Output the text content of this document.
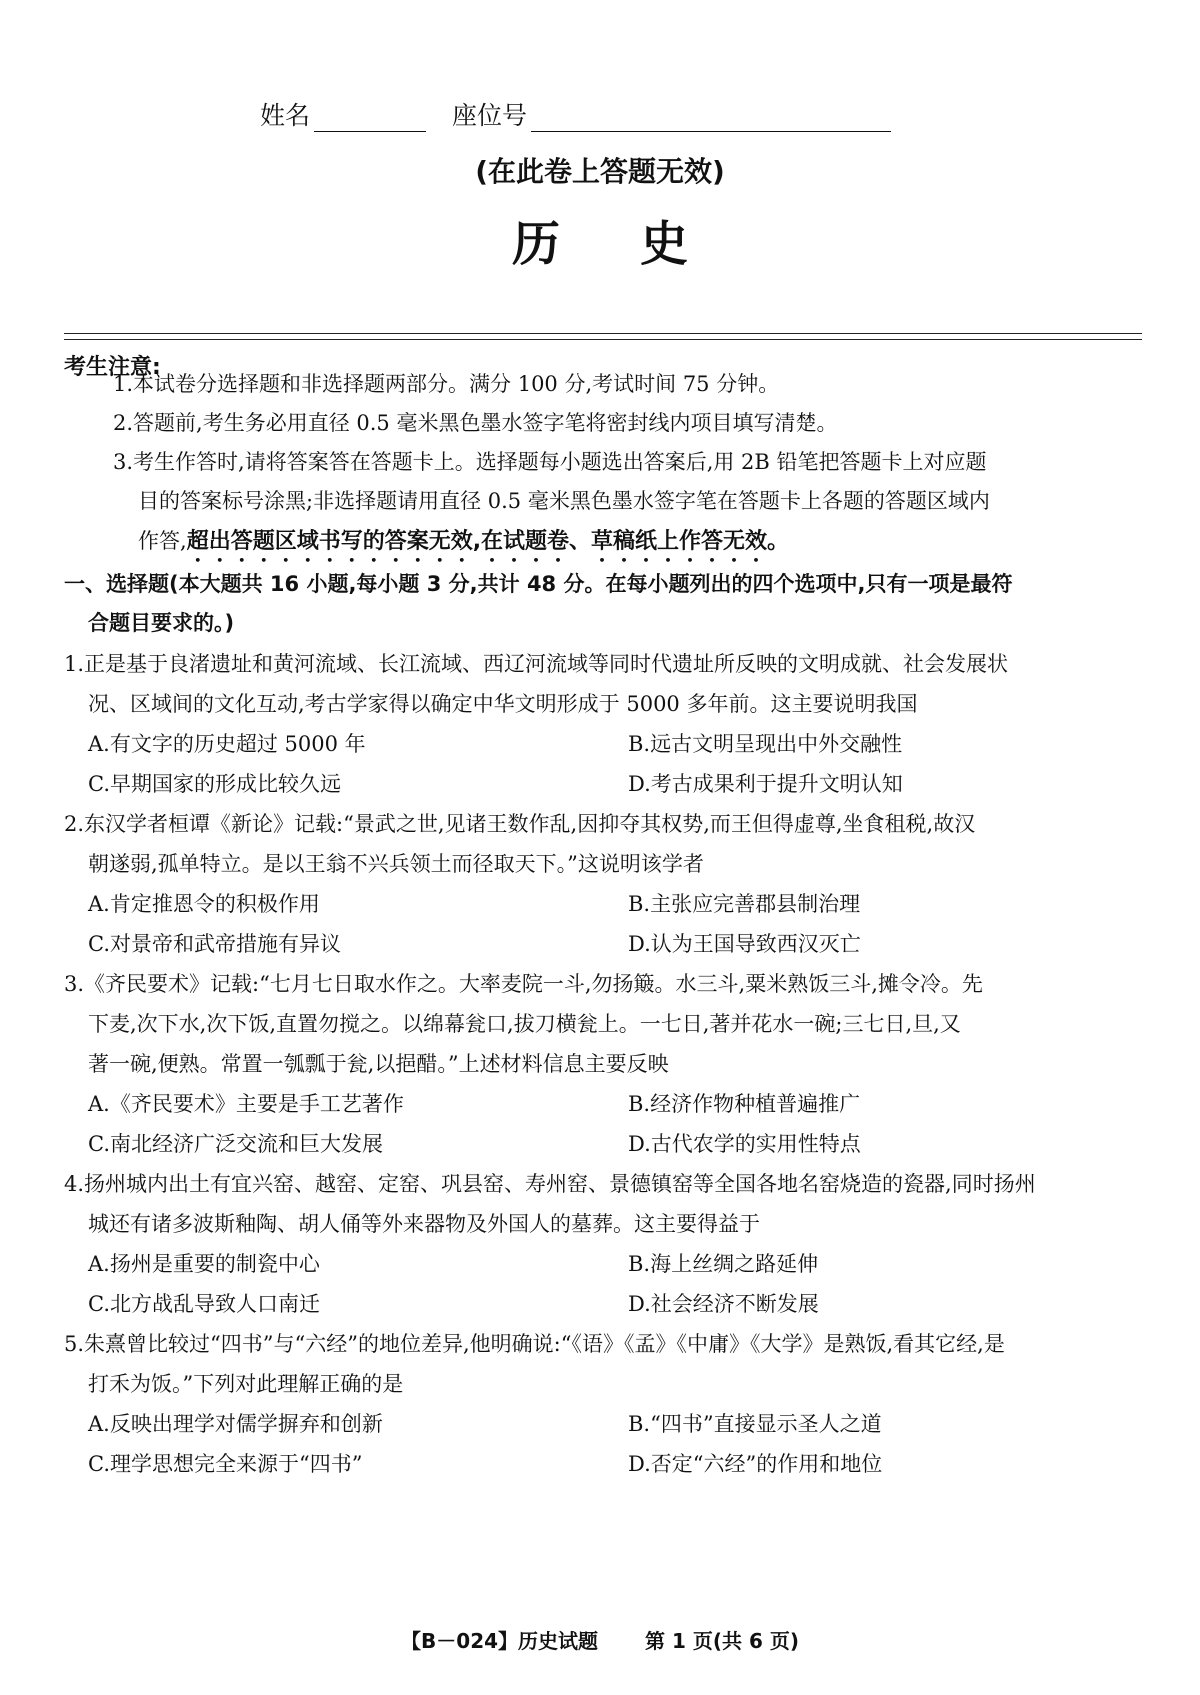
姓名	座位号
(在此卷上答题无效)
历史
考生注意:
1.本试卷分选择题和非选择题两部分。满分 100 分,考试时间 75 分钟。
2.答题前,考生务必用直径 0.5 毫米黑色墨水签字笔将密封线内项目填写清楚。
3.考生作答时,请将答案答在答题卡上。选择题每小题选出答案后,用 2B 铅笔把答题卡上对应题
目的答案标号涂黑;非选择题请用直径 0.5 毫米黑色墨水签字笔在答题卡上各题的答题区域内
作答,超出答题区域书写的答案无效,在试题卷、草稿纸上作答无效。
一、选择题(本大题共 16 小题,每小题 3 分,共计 48 分。在每小题列出的四个选项中,只有一项是最符
合题目要求的。)
1.正是基于良渚遗址和黄河流域、长江流域、西辽河流域等同时代遗址所反映的文明成就、社会发展状
况、区域间的文化互动,考古学家得以确定中华文明形成于 5000 多年前。这主要说明我国
A.有文字的历史超过 5000 年	B.远古文明呈现出中外交融性
C.早期国家的形成比较久远	D.考古成果利于提升文明认知
2.东汉学者桓谭《新论》记载:“景武之世,见诸王数作乱,因抑夺其权势,而王但得虚尊,坐食租税,故汉
朝遂弱,孤单特立。是以王翁不兴兵领土而径取天下。”这说明该学者
A.肯定推恩令的积极作用	B.主张应完善郡县制治理
C.对景帝和武帝措施有异议	D.认为王国导致西汉灭亡
3.《齐民要术》记载:“七月七日取水作之。大率麦院一斗,勿扬簸。水三斗,粟米熟饭三斗,摊令冷。先
下麦,次下水,次下饭,直置勿搅之。以绵幕瓮口,拔刀横瓮上。一七日,著并花水一碗;三七日,旦,又
著一碗,便熟。常置一瓠瓢于瓮,以挹醋。”上述材料信息主要反映
A.《齐民要术》主要是手工艺著作	B.经济作物种植普遍推广
C.南北经济广泛交流和巨大发展	D.古代农学的实用性特点
4.扬州城内出土有宜兴窑、越窑、定窑、巩县窑、寿州窑、景德镇窑等全国各地名窑烧造的瓷器,同时扬州
城还有诸多波斯釉陶、胡人俑等外来器物及外国人的墓葬。这主要得益于
A.扬州是重要的制瓷中心	B.海上丝绸之路延伸
C.北方战乱导致人口南迁	D.社会经济不断发展
5.朱熹曾比较过“四书”与“六经”的地位差异,他明确说:“《语》《孟》《中庸》《大学》是熟饭,看其它经,是
打禾为饭。”下列对此理解正确的是
A.反映出理学对儒学摒弃和创新	B.“四书”直接显示圣人之道
C.理学思想完全来源于“四书”	D.否定“六经”的作用和地位
【B－024】历史试题 第 1 页(共 6 页)
